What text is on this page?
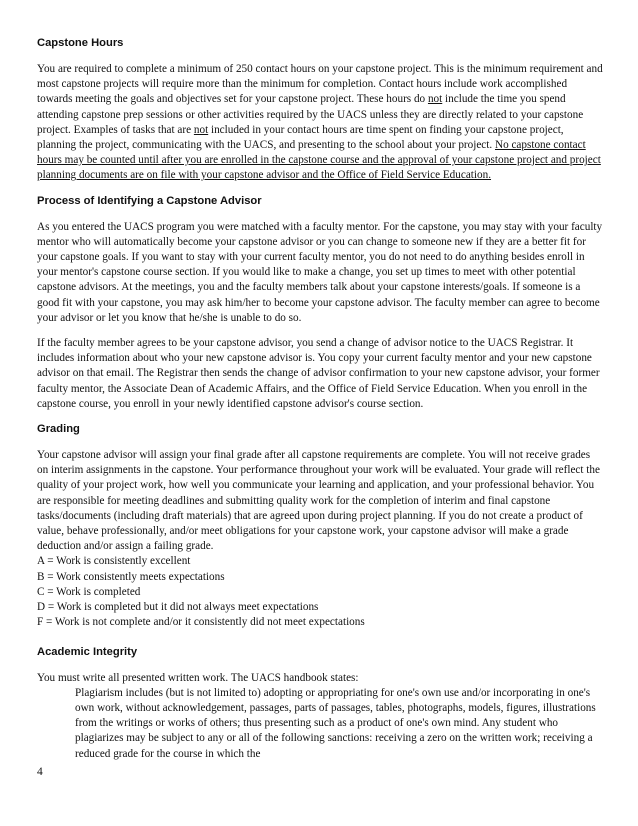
Capstone Hours

You are required to complete a minimum of 250 contact hours on your capstone project. This is the minimum requirement and most capstone projects will require more than the minimum for completion. Contact hours include work accomplished towards meeting the goals and objectives set for your capstone project. These hours do not include the time you spend attending capstone prep sessions or other activities required by the UACS unless they are directly related to your capstone project. Examples of tasks that are not included in your contact hours are time spent on finding your capstone project, planning the project, communicating with the UACS, and presenting to the school about your project. No capstone contact hours may be counted until after you are enrolled in the capstone course and the approval of your capstone project and project planning documents are on file with your capstone advisor and the Office of Field Service Education.

Process of Identifying a Capstone Advisor

As you entered the UACS program you were matched with a faculty mentor. For the capstone, you may stay with your faculty mentor who will automatically become your capstone advisor or you can change to someone new if they are a better fit for your capstone goals. If you want to stay with your current faculty mentor, you do not need to do anything besides enroll in your mentor's capstone course section. If you would like to make a change, you set up times to meet with other potential capstone advisors. At the meetings, you and the faculty members talk about your capstone interests/goals. If someone is a good fit with your capstone, you may ask him/her to become your capstone advisor. The faculty member can agree to become your advisor or let you know that he/she is unable to do so.

If the faculty member agrees to be your capstone advisor, you send a change of advisor notice to the UACS Registrar. It includes information about who your new capstone advisor is. You copy your current faculty mentor and your new capstone advisor on that email. The Registrar then sends the change of advisor confirmation to your new capstone advisor, your former faculty mentor, the Associate Dean of Academic Affairs, and the Office of Field Service Education. When you enroll in the capstone course, you enroll in your newly identified capstone advisor's course section.

Grading

Your capstone advisor will assign your final grade after all capstone requirements are complete. You will not receive grades on interim assignments in the capstone. Your performance throughout your work will be evaluated. Your grade will reflect the quality of your project work, how well you communicate your learning and application, and your professional behavior. You are responsible for meeting deadlines and submitting quality work for the completion of interim and final capstone tasks/documents (including draft materials) that are agreed upon during project planning. If you do not create a product of value, behave professionally, and/or meet obligations for your capstone work, your capstone advisor will make a grade deduction and/or assign a failing grade.

A = Work is consistently excellent
B = Work consistently meets expectations
C = Work is completed
D = Work is completed but it did not always meet expectations
F = Work is not complete and/or it consistently did not meet expectations
Academic Integrity

You must write all presented written work. The UACS handbook states:

Plagiarism includes (but is not limited to) adopting or appropriating for one's own use and/or incorporating in one's own work, without acknowledgement, passages, parts of passages, tables, photographs, models, figures, illustrations from the writings or works of others; thus presenting such as a product of one's own mind. Any student who plagiarizes may be subject to any or all of the following sanctions: receiving a zero on the written work; receiving a reduced grade for the course in which the

4
